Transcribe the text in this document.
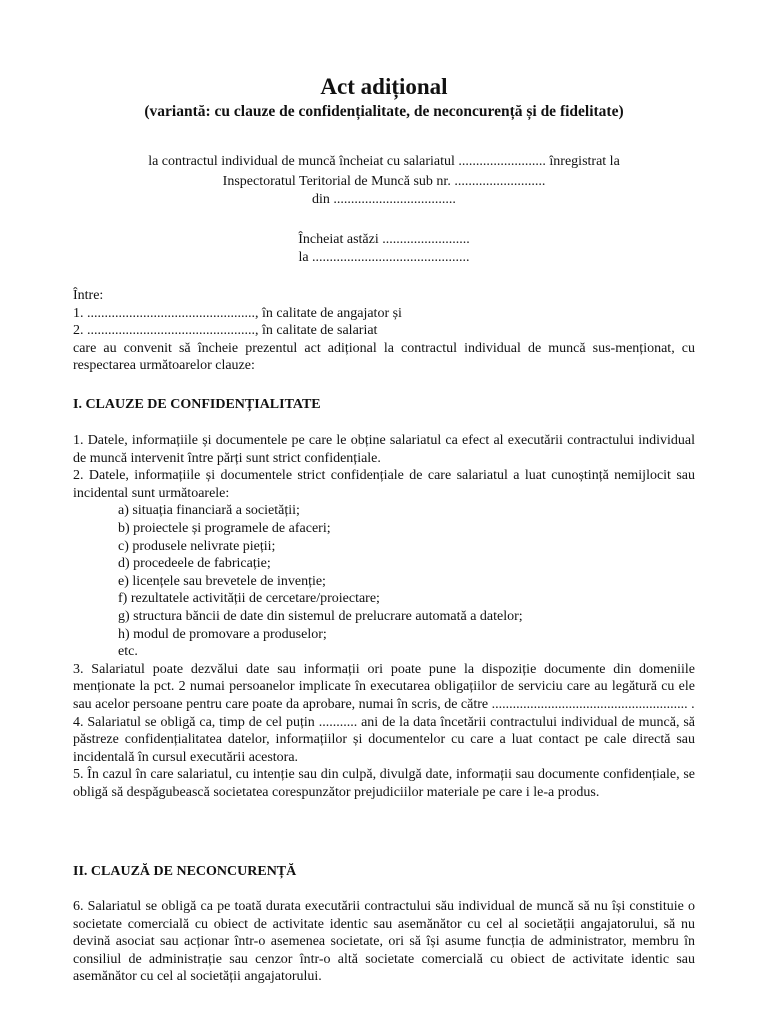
Act adițional
(variantă: cu clauze de confidențialitate, de neconcurență și de fidelitate)
la contractul individual de muncă încheiat cu salariatul ......................... înregistrat la
Inspectoratul Teritorial de Muncă sub nr. ..........................
din ...................................
Încheiat astăzi .........................
la .............................................
Între:
1. ................................................, în calitate de angajator și
2. ................................................, în calitate de salariat
care au convenit să încheie prezentul act adițional la contractul individual de muncă sus-menționat, cu respectarea următoarelor clauze:
I. CLAUZE DE CONFIDENȚIALITATE
1. Datele, informațiile și documentele pe care le obține salariatul ca efect al executării contractului individual de muncă intervenit între părți sunt strict confidențiale.
2. Datele, informațiile și documentele strict confidențiale de care salariatul a luat cunoștință nemijlocit sau incidental sunt următoarele:
a) situația financiară a societății;
b) proiectele și programele de afaceri;
c) produsele nelivrate pieții;
d) procedeele de fabricație;
e) licențele sau brevetele de invenție;
f) rezultatele activității de cercetare/proiectare;
g) structura băncii de date din sistemul de prelucrare automată a datelor;
h) modul de promovare a produselor;
etc.
3. Salariatul poate dezvălui date sau informații ori poate pune la dispoziție documente din domeniile menționate la pct. 2 numai persoanelor implicate în executarea obligațiilor de serviciu care au legătură cu ele sau acelor persoane pentru care poate da aprobare, numai în scris, de către ........................................................ .
4. Salariatul se obligă ca, timp de cel puțin ........... ani de la data încetării contractului individual de muncă, să păstreze confidențialitatea datelor, informațiilor și documentelor cu care a luat contact pe cale directă sau incidentală în cursul executării acestora.
5. În cazul în care salariatul, cu intenție sau din culpă, divulgă date, informații sau documente confidențiale, se obligă să despăgubească societatea corespunzător prejudiciilor materiale pe care i le-a produs.
II. CLAUZĂ DE NECONCURENȚĂ
6. Salariatul se obligă ca pe toată durata executării contractului său individual de muncă să nu își constituie o societate comercială cu obiect de activitate identic sau asemănător cu cel al societății angajatorului, să nu devină asociat sau acționar într-o asemenea societate, ori să își asume funcția de administrator, membru în consiliul de administrație sau cenzor într-o altă societate comercială cu obiect de activitate identic sau asemănător cu cel al societății angajatorului.
